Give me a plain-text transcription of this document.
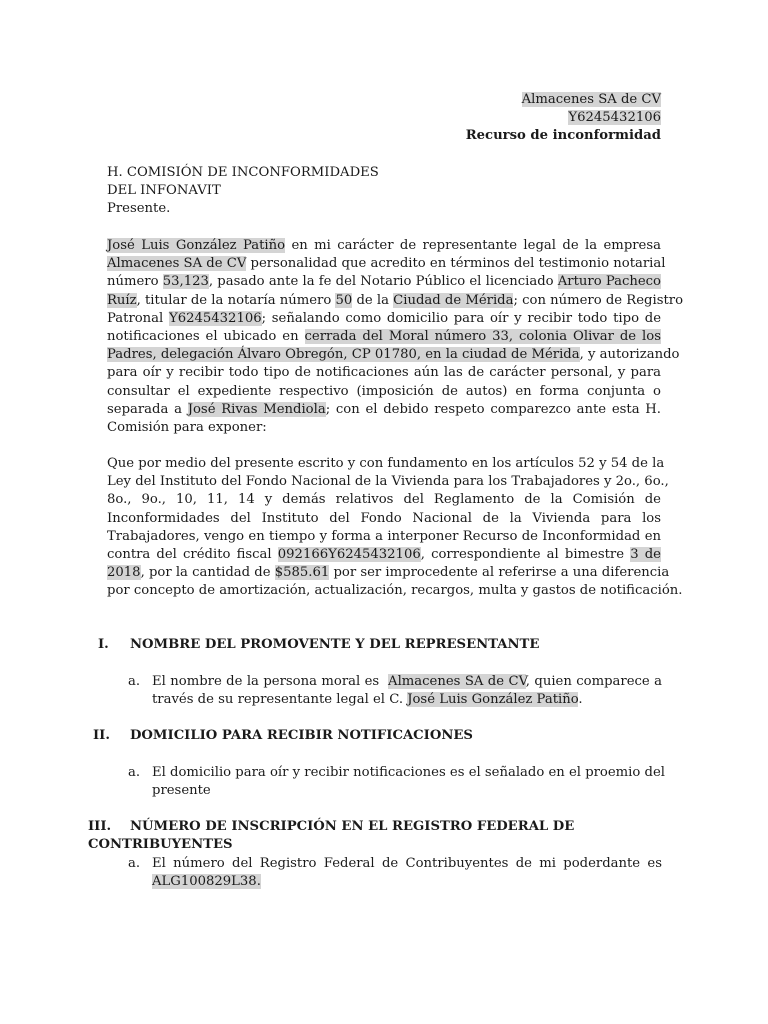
Almacenes SA de CV
Y6245432106
Recurso de inconformidad
H. COMISIÓN DE INCONFORMIDADES
DEL INFONAVIT
Presente.
José Luis González Patiño en mi carácter de representante legal de la empresa
Almacenes SA de CV personalidad que acredito en términos del testimonio notarial
número 53,123, pasado ante la fe del Notario Público el licenciado Arturo Pacheco
Ruíz, titular de la notaría número 50 de la Ciudad de Mérida; con número de Registro
Patronal Y6245432106; señalando como domicilio para oír y recibir todo tipo de
notificaciones el ubicado en cerrada del Moral número 33, colonia Olivar de los
Padres, delegación Álvaro Obregón, CP 01780, en la ciudad de Mérida, y autorizando
para oír y recibir todo tipo de notificaciones aún las de carácter personal, y para
consultar el expediente respectivo (imposición de autos) en forma conjunta o
separada a José Rivas Mendiola; con el debido respeto comparezco ante esta H.
Comisión para exponer:
Que por medio del presente escrito y con fundamento en los artículos 52 y 54 de la
Ley del Instituto del Fondo Nacional de la Vivienda para los Trabajadores y 2o., 6o.,
8o., 9o., 10, 11, 14 y demás relativos del Reglamento de la Comisión de
Inconformidades del Instituto del Fondo Nacional de la Vivienda para los
Trabajadores, vengo en tiempo y forma a interponer Recurso de Inconformidad en
contra del crédito fiscal 092166Y6245432106, correspondiente al bimestre 3 de
2018, por la cantidad de $585.61 por ser improcedente al referirse a una diferencia
por concepto de amortización, actualización, recargos, multa y gastos de notificación.
I. NOMBRE DEL PROMOVENTE Y DEL REPRESENTANTE
a. El nombre de la persona moral es  Almacenes SA de CV, quien comparece a
través de su representante legal el C. José Luis González Patiño.
II. DOMICILIO PARA RECIBIR NOTIFICACIONES
a. El domicilio para oír y recibir notificaciones es el señalado en el proemio del
presente
III. NÚMERO DE INSCRIPCIÓN EN EL REGISTRO FEDERAL DE CONTRIBUYENTES
a. El número del Registro Federal de Contribuyentes de mi poderdante es
ALG100829L38.
